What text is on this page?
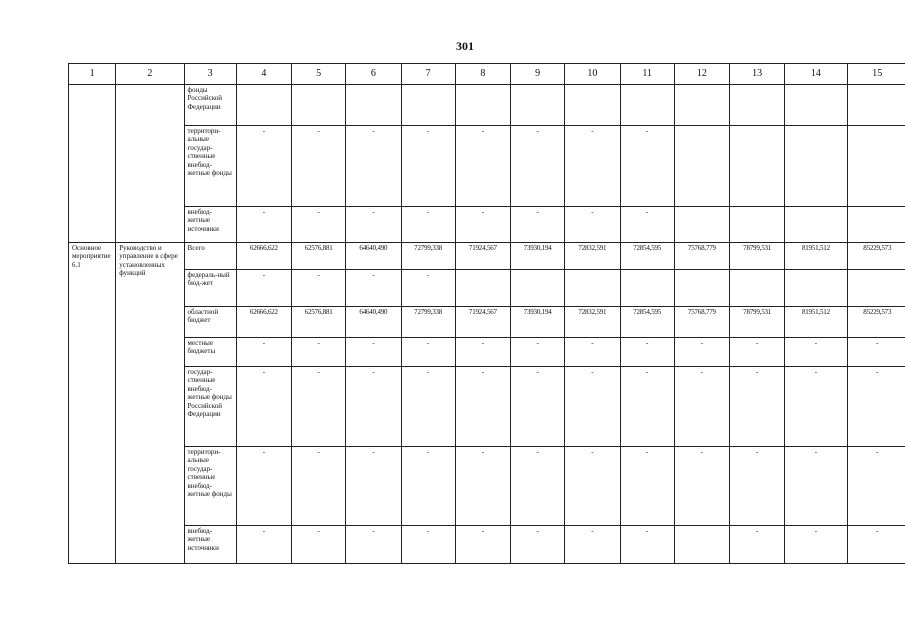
301
1	2	3	4	5	6	7	8	9	10	11	12	13	14	15
		фонды Российской Федерации												
		территори-альные государ-ственные внебюд-жетные фонды	-	-	-	-	-	-	-	-				
		внебюд-жетные источники	-	-	-	-	-	-	-	-				
Основное мероприятие 6.1	Руководство и управление в сфере установленных функций	Всего	62666,622	62576,881	64640,490	72799,338	71924,567	73930,194	72832,591	72854,595	75768,779	78799,531	81951,512	85229,573
		федераль-ный бюд-жет	-	-	-	-								
		областной бюджет	62666,622	62576,881	64640,490	72799,338	71924,567	73930,194	72832,591	72854,595	75768,779	78799,531	81951,512	85229,573
		местные бюджеты	-	-	-	-	-	-	-	-	-	-	-	-
		государ-ственные внебюд-жетные фонды Российской Федерации	-	-	-	-	-	-	-	-	-	-	-	-
		территори-альные государ-ственные внебюд-жетные фонды	-	-	-	-	-	-	-	-	-	-	-	-
		внебюд-жетные источники	-	-	-	-	-	-	-	-		-	-	-
